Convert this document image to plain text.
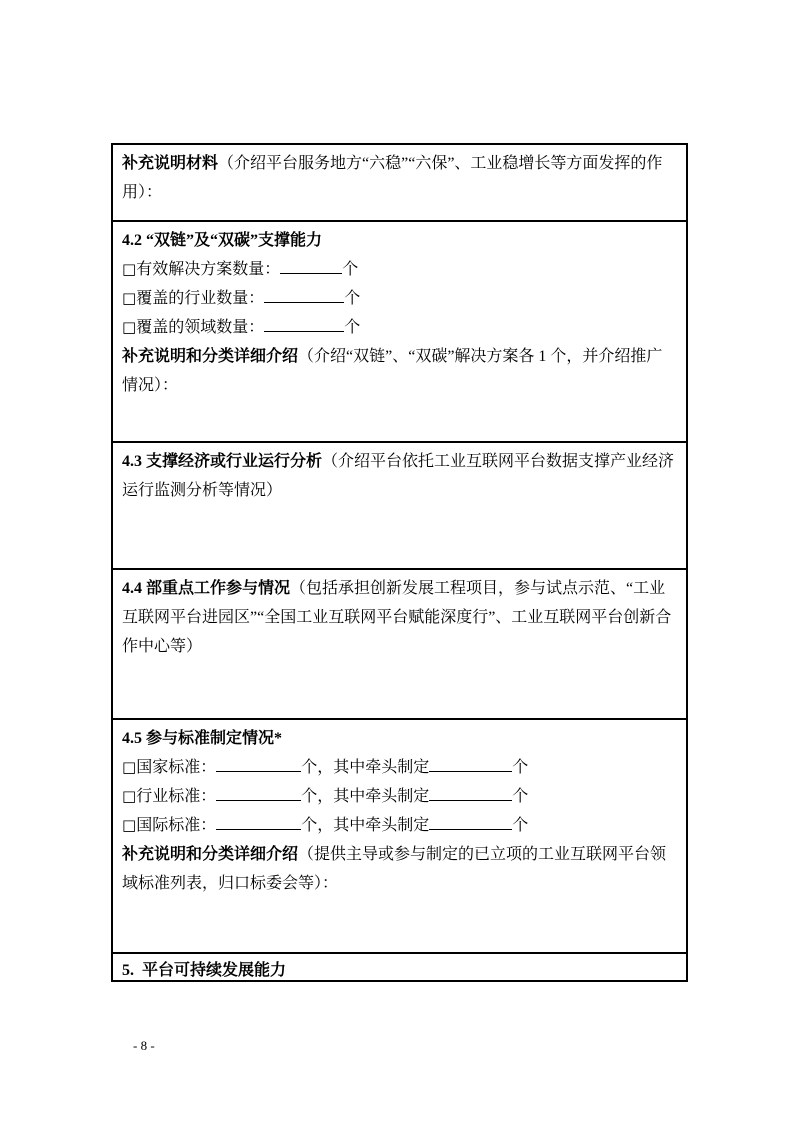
补充说明材料（介绍平台服务地方“六稳”“六保”、工业稳增长等方面发挥的作用）：
4.2 “双链”及“双碳”支撑能力
□有效解决方案数量：	个
□覆盖的行业数量：	个
□覆盖的领域数量：	个
补充说明和分类详细介绍（介绍“双链”、“双碳”解决方案各 1 个，并介绍推广情况）：
4.3 支撑经济或行业运行分析（介绍平台依托工业互联网平台数据支撑产业经济运行监测分析等情况）
4.4 部重点工作参与情况（包括承担创新发展工程项目，参与试点示范、“工业互联网平台进园区”“全国工业互联网平台赋能深度行”、工业互联网平台创新合作中心等）
4.5 参与标准制定情况*
□国家标准：	个，其中牵头制定	个
□行业标准：	个，其中牵头制定	个
□国际标准：	个，其中牵头制定	个
补充说明和分类详细介绍（提供主导或参与制定的已立项的工业互联网平台领域标准列表，归口标委会等）：
5.  平台可持续发展能力
- 8 -
